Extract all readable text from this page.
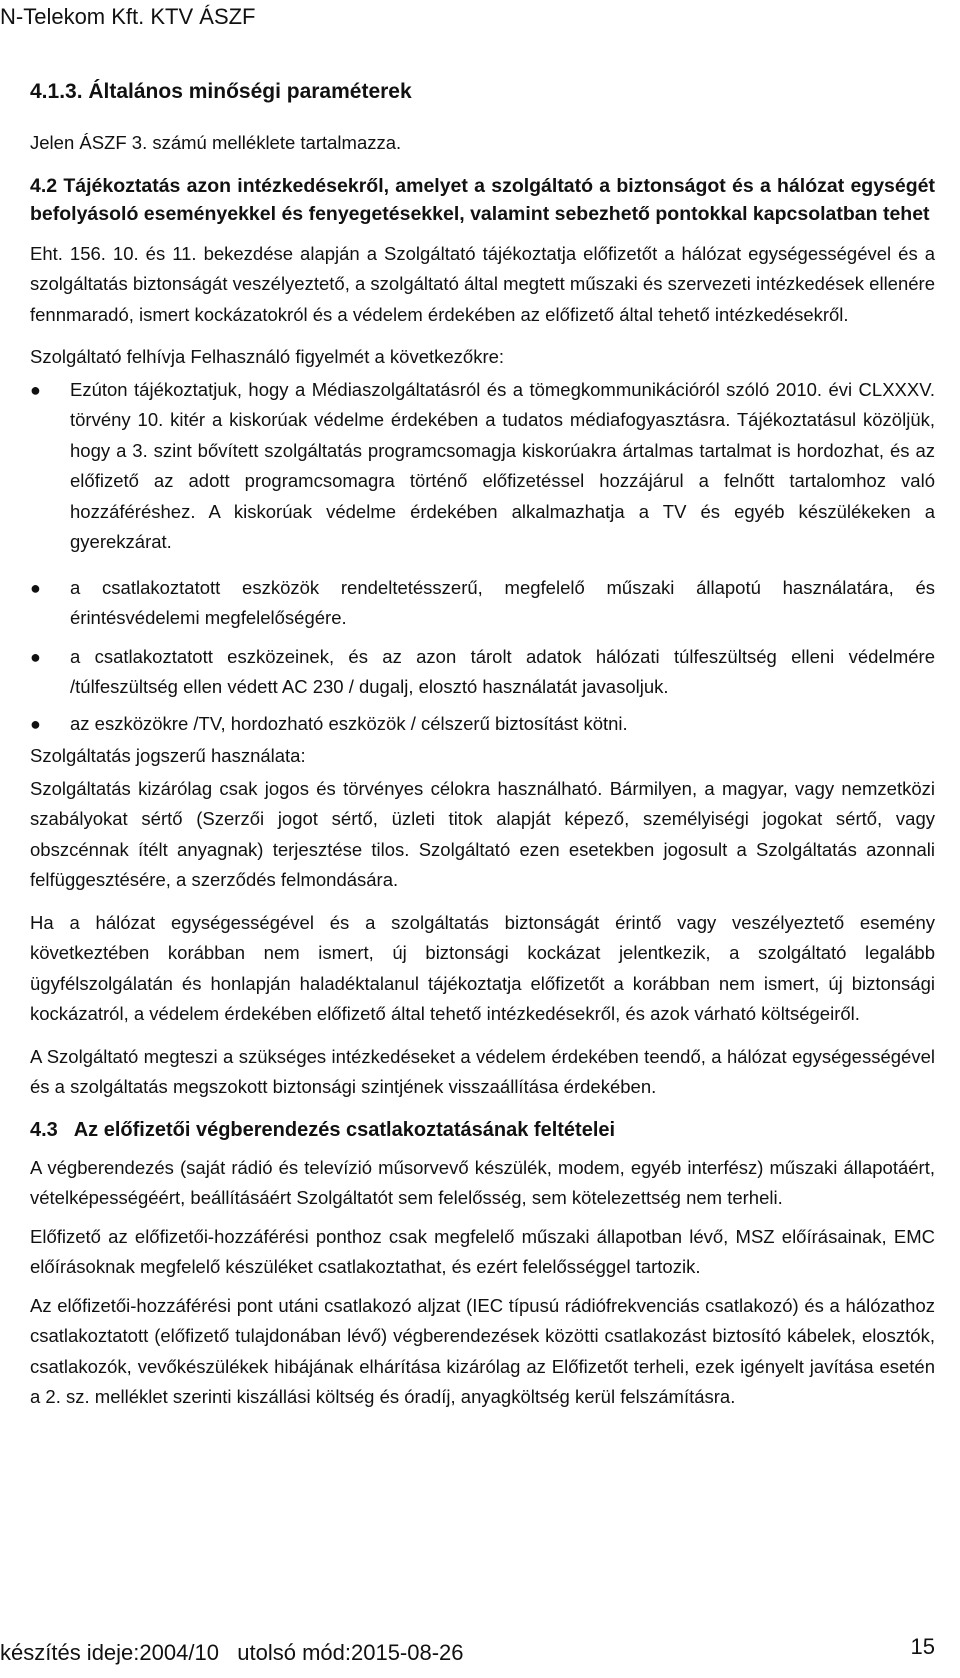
N-Telekom Kft. KTV ÁSZF
4.1.3. Általános minőségi paraméterek

Jelen ÁSZF 3. számú melléklete tartalmazza.

4.2 Tájékoztatás azon intézkedésekről, amelyet a szolgáltató a biztonságot és a hálózat egységét befolyásoló eseményekkel és fenyegetésekkel, valamint sebezhető pontokkal kapcsolatban tehet

Eht. 156. 10. és 11. bekezdése alapján a Szolgáltató tájékoztatja előfizetőt a hálózat egységességével és a szolgáltatás biztonságát veszélyeztető, a szolgáltató által megtett műszaki és szervezeti intézkedések ellenére fennmaradó, ismert kockázatokról és a védelem érdekében az előfizető által tehető intézkedésekről.

Szolgáltató felhívja Felhasználó figyelmét a következőkre:

● Ezúton tájékoztatjuk, hogy a Médiaszolgáltatásról és a tömegkommunikációról szóló 2010. évi CLXXXV. törvény 10. kitér a kiskorúak védelme érdekében a tudatos médiafogyasztásra. Tájékoztatásul közöljük, hogy a 3. szint bővített szolgáltatás programcsomagja kiskorúakra ártalmas tartalmat is hordozhat, és az előfizető az adott programcsomagra történő előfizetéssel hozzájárul a felnőtt tartalomhoz való hozzáféréshez. A kiskorúak védelme érdekében alkalmazhatja a TV és egyéb készülékeken a gyerekzárat.
● a csatlakoztatott eszközök rendeltetésszerű, megfelelő műszaki állapotú használatára, és érintésvédelemi megfelelőségére.
● a csatlakoztatott eszközeinek, és az azon tárolt adatok hálózati túlfeszültség elleni védelmére /túlfeszültség ellen védett AC 230 / dugalj, elosztó használatát javasoljuk.
● az eszközökre /TV, hordozható eszközök / célszerű biztosítást kötni.

Szolgáltatás jogszerű használata:

Szolgáltatás kizárólag csak jogos és törvényes célokra használható. Bármilyen, a magyar, vagy nemzetközi szabályokat sértő (Szerzői jogot sértő, üzleti titok alapját képező, személyiségi jogokat sértő, vagy obszcénnak ítélt anyagnak) terjesztése tilos. Szolgáltató ezen esetekben jogosult a Szolgáltatás azonnali felfüggesztésére, a szerződés felmondására.

Ha a hálózat egységességével és a szolgáltatás biztonságát érintő vagy veszélyeztető esemény következtében korábban nem ismert, új biztonsági kockázat jelentkezik, a szolgáltató legalább ügyfélszolgálatán és honlapján haladéktalanul tájékoztatja előfizetőt a korábban nem ismert, új biztonsági kockázatról, a védelem érdekében előfizető által tehető intézkedésekről, és azok várható költségeiről.

A Szolgáltató megteszi a szükséges intézkedéseket a védelem érdekében teendő, a hálózat egységességével és a szolgáltatás megszokott biztonsági szintjének visszaállítása érdekében.

4.3   Az előfizetői végberendezés csatlakoztatásának feltételei

A végberendezés (saját rádió és televízió műsorvevő készülék, modem, egyéb interfész) műszaki állapotáért, vételképességéért, beállításáért Szolgáltatót sem felelősség, sem kötelezettség nem terheli.

Előfizető az előfizetői-hozzáférési ponthoz csak megfelelő műszaki állapotban lévő, MSZ előírásainak, EMC előírásoknak megfelelő készüléket csatlakoztathat, és ezért felelősséggel tartozik.

Az előfizetői-hozzáférési pont utáni csatlakozó aljzat (IEC típusú rádiófrekvenciás csatlakozó) és a hálózathoz csatlakoztatott (előfizető tulajdonában lévő) végberendezések közötti csatlakozást biztosító kábelek, elosztók, csatlakozók, vevőkészülékek hibájának elhárítása kizárólag az Előfizetőt terheli, ezek igényelt javítása esetén a 2. sz. melléklet szerinti kiszállási költség és óradíj, anyagköltség kerül felszámításra.

készítés ideje:2004/10   utolsó mód:2015-08-26	15
